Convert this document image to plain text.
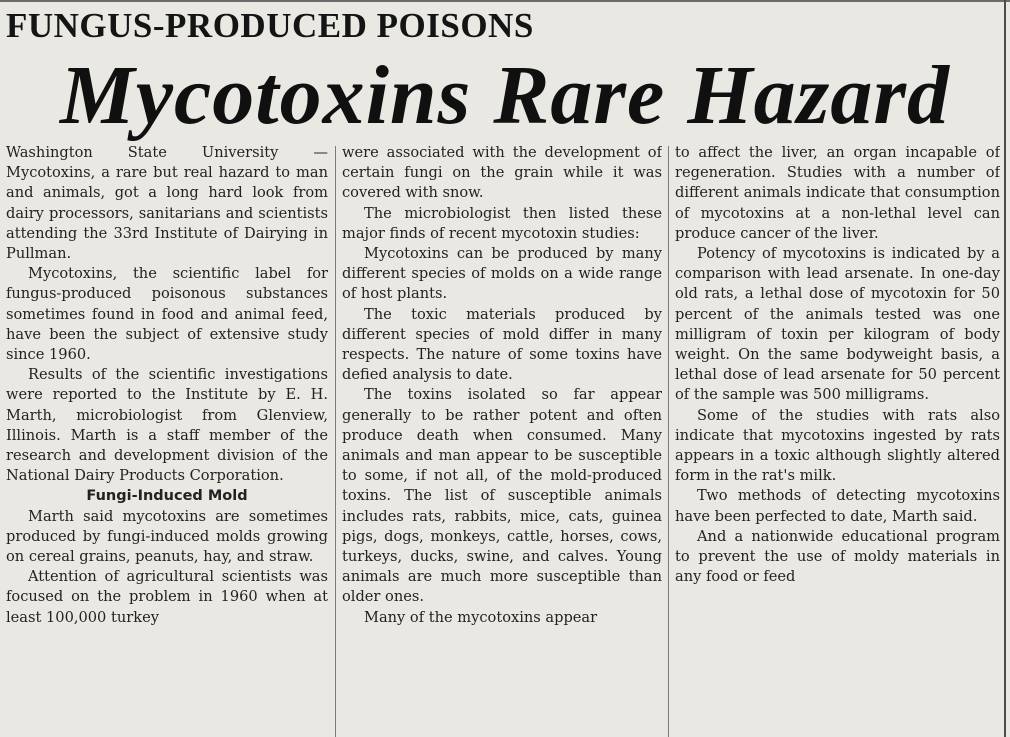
FUNGUS-PRODUCED POISONS
Mycotoxins Rare Hazard

Washington State University — Mycotoxins, a rare but real hazard to man and animals, got a long hard look from dairy processors, sanitarians and scientists attending the 33rd Institute of Dairying in Pullman.

Mycotoxins, the scientific label for fungus-produced poisonous substances sometimes found in food and animal feed, have been the subject of extensive study since 1960.

Results of the scientific investigations were reported to the Institute by E. H. Marth, microbiologist from Glenview, Illinois. Marth is a staff member of the research and development division of the National Dairy Products Corporation.

Fungi-Induced Mold

Marth said mycotoxins are sometimes produced by fungi-induced molds growing on cereal grains, peanuts, hay, and straw.

Attention of agricultural scientists was focused on the problem in 1960 when at least 100,000 turkey

were associated with the development of certain fungi on the grain while it was covered with snow.

The microbiologist then listed these major finds of recent mycotoxin studies:

Mycotoxins can be produced by many different species of molds on a wide range of host plants.

The toxic materials produced by different species of mold differ in many respects. The nature of some toxins have defied analysis to date.

The toxins isolated so far appear generally to be rather potent and often produce death when consumed. Many animals and man appear to be susceptible to some, if not all, of the mold-produced toxins. The list of susceptible animals includes rats, rabbits, mice, cats, guinea pigs, dogs, monkeys, cattle, horses, cows, turkeys, ducks, swine, and calves. Young animals are much more susceptible than older ones.

Many of the mycotoxins appear

to affect the liver, an organ incapable of regeneration. Studies with a number of different animals indicate that consumption of mycotoxins at a non-lethal level can produce cancer of the liver.

Potency of mycotoxins is indicated by a comparison with lead arsenate. In one-day old rats, a lethal dose of mycotoxin for 50 percent of the animals tested was one milligram of toxin per kilogram of body weight. On the same bodyweight basis, a lethal dose of lead arsenate for 50 percent of the sample was 500 milligrams.

Some of the studies with rats also indicate that mycotoxins ingested by rats appears in a toxic although slightly altered form in the rat's milk.

Two methods of detecting mycotoxins have been perfected to date, Marth said.

And a nationwide educational program to prevent the use of moldy materials in any food or feed
